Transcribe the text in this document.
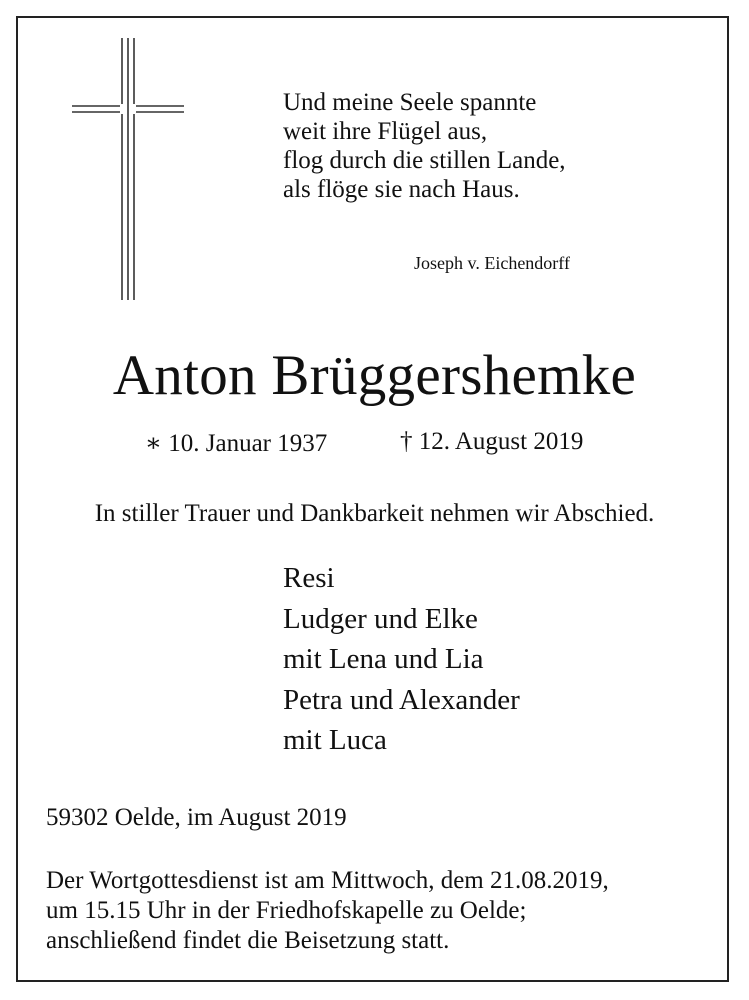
Und meine Seele spannte
weit ihre Flügel aus,
flog durch die stillen Lande,
als flöge sie nach Haus.
Joseph v. Eichendorff
Anton Brüggershemke
∗ 10. Januar 1937	† 12. August 2019
In stiller Trauer und Dankbarkeit nehmen wir Abschied.
Resi
Ludger und Elke
mit Lena und Lia
Petra und Alexander
mit Luca
59302 Oelde, im August 2019
Der Wortgottesdienst ist am Mittwoch, dem 21.08.2019,
um 15.15 Uhr in der Friedhofskapelle zu Oelde;
anschließend findet die Beisetzung statt.
